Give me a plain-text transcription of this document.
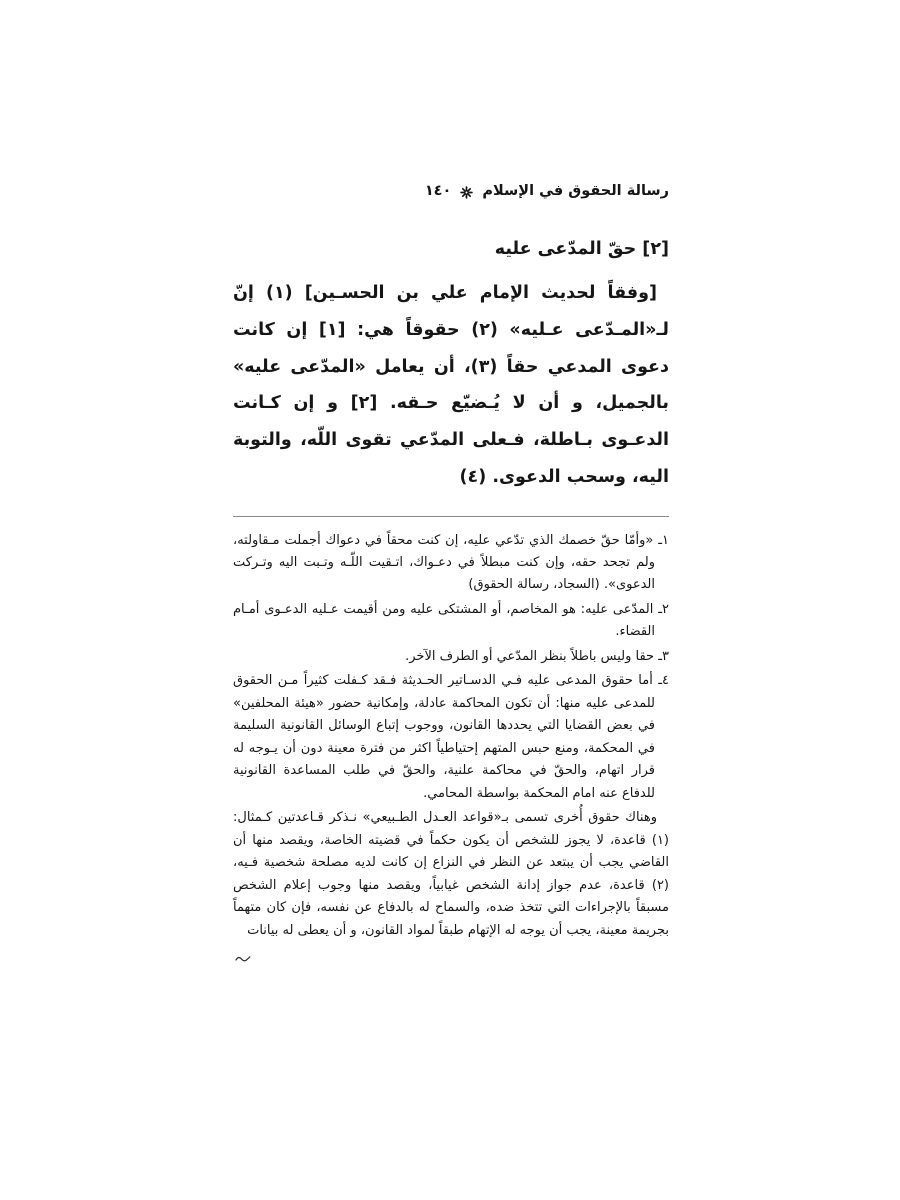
رسالة الحقوق في الإسلام
١٤٠
[٢] حقّ المدّعى عليه

[وفقاً لحديث الإمام علي بن الحسـين] (١) إنّ لـ«المـدّعى عـليه» (٢) حقوقاً هي: [١] إن كانت دعوى المدعي حقاً (٣)، أن يعامل «المدّعى عليه» بالجميل، و أن لا يُـضيّع حـقه. [٢] و إن كـانت الدعـوى بـاطلة، فـعلى المدّعي تقوى اللّه، والتوبة اليه، وسحب الدعوى. (٤)

١ـ «وأمّا حقّ خصمك الذي تدّعي عليه، إن كنت محقاً في دعواك أجملت مـقاولته، ولم تجحد حقه، وإن كنت مبطلاً في دعـواك، اتـقيت اللّـه وتـبت اليه وتـركت الدعوى». (السجاد، رسالة الحقوق)

٢ـ المدّعى عليه: هو المخاصم، أو المشتكى عليه ومن أقيمت عـليه الدعـوى أمـام القضاء.

٣ـ حقا وليس باطلاً بنظر المدّعي أو الطرف الآخر.

٤ـ أما حقوق المدعى عليه فـي الدسـاتير الحـديثة فـقد كـفلت كثيراً مـن الحقوق للمدعى عليه منها: أن تكون المحاكمة عادلة، وإمكانية حضور «هيئة المحلفين» في بعض القضايا التي يحددها القانون، ووجوب إتباع الوسائل القانونية السليمة في المحكمة، ومنع حبس المتهم إحتياطياً اكثر من فترة معينة دون أن يـوجه له قرار اتهام، والحقّ في محاكمة علنية، والحقّ في طلب المساعدة القانونية للدفاع عنه امام المحكمة بواسطة المحامي.

وهناك حقوق أُخرى تسمى بـ«قواعد العـدل الطـبيعي» نـذكر قـاعدتين كـمثال: (١) قاعدة، لا يجوز للشخص أن يكون حكماً في قضيته الخاصة، ويقصد منها أن القاضي يجب أن يبتعد عن النظر في النزاع إن كانت لديه مصلحة شخصية فـيه، (٢) قاعدة، عدم جواز إدانة الشخص غيابياً، ويقصد منها وجوب إعلام الشخص مسبقاً بالإجراءات التي تتخذ ضده، والسماح له بالدفاع عن نفسه، فإن كان متهماً بجريمة معينة، يجب أن يوجه له الإتهام طبقاً لمواد القانون، و أن يعطى له بيانات
